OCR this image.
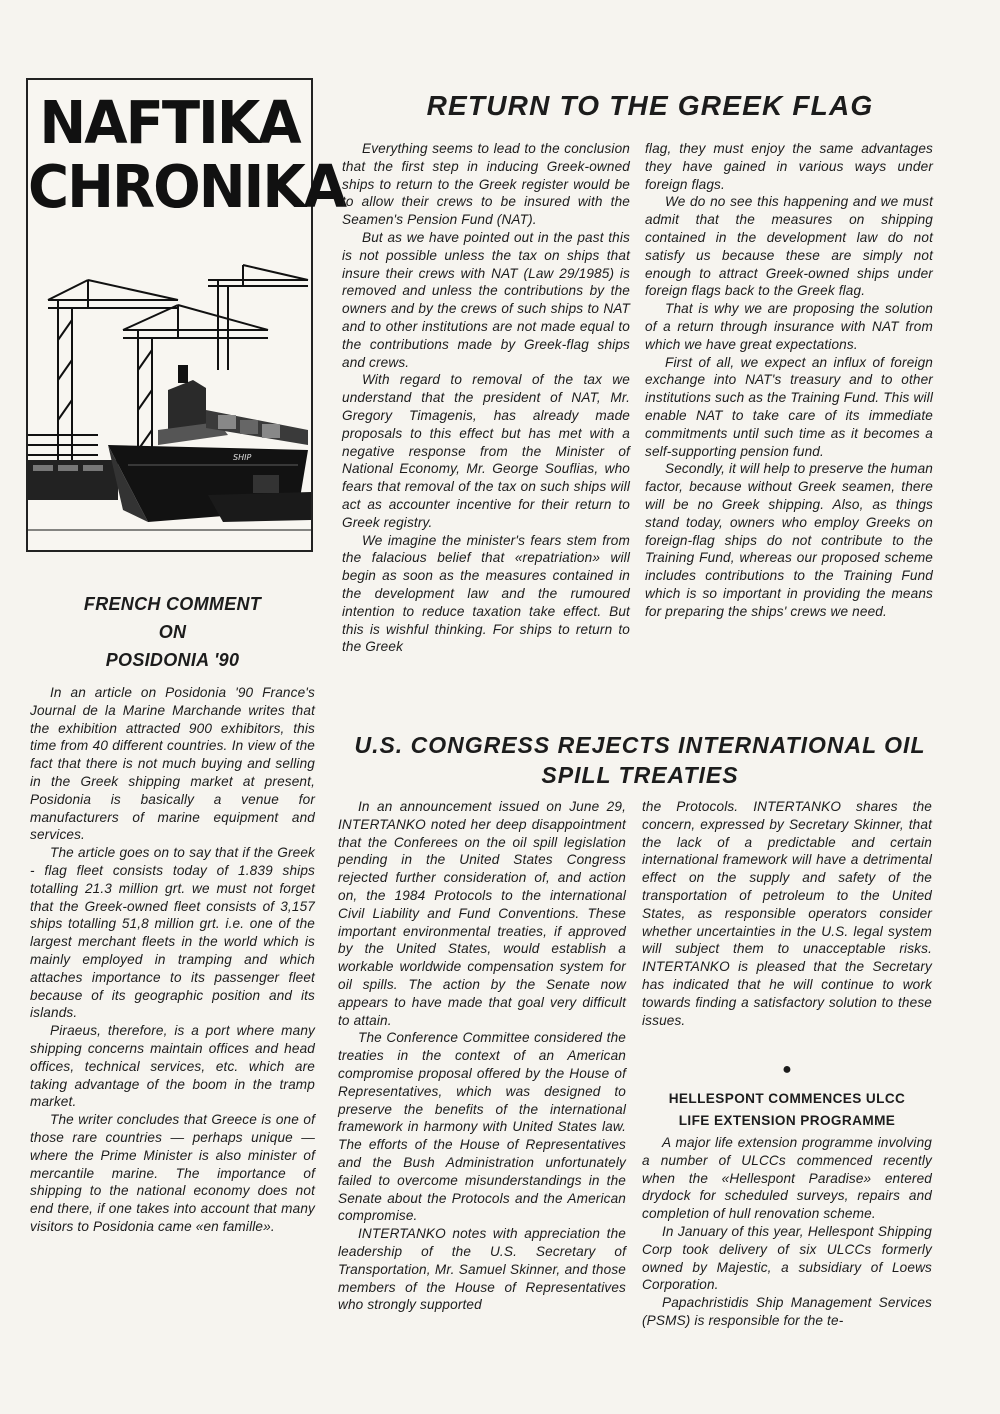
NAFTIKA
CHRONIKA
SHIP
RETURN TO THE GREEK FLAG

Everything seems to lead to the conclusion that the first step in inducing Greek-owned ships to return to the Greek register would be to allow their crews to be insured with the Seamen's Pension Fund (NAT).

But as we have pointed out in the past this is not possible unless the tax on ships that insure their crews with NAT (Law 29/1985) is removed and unless the contributions by the owners and by the crews of such ships to NAT and to other institutions are not made equal to the contributions made by Greek-flag ships and crews.

With regard to removal of the tax we understand that the president of NAT, Mr. Gregory Timagenis, has already made proposals to this effect but has met with a negative response from the Minister of National Economy, Mr. George Souflias, who fears that removal of the tax on such ships will act as accounter incentive for their return to Greek registry.

We imagine the minister's fears stem from the falacious belief that «repatriation» will begin as soon as the measures contained in the development law and the rumoured intention to reduce taxation take effect. But this is wishful thinking. For ships to return to the Greek

flag, they must enjoy the same advantages they have gained in various ways under foreign flags.

We do no see this happening and we must admit that the measures on shipping contained in the development law do not satisfy us because these are simply not enough to attract Greek-owned ships under foreign flags back to the Greek flag.

That is why we are proposing the solution of a return through insurance with NAT from which we have great expectations.

First of all, we expect an influx of foreign exchange into NAT's treasury and to other institutions such as the Training Fund. This will enable NAT to take care of its immediate commitments until such time as it becomes a self-supporting pension fund.

Secondly, it will help to preserve the human factor, because without Greek seamen, there will be no Greek shipping. Also, as things stand today, owners who employ Greeks on foreign-flag ships do not contribute to the Training Fund, whereas our proposed scheme includes contributions to the Training Fund which is so important in providing the means for preparing the ships' crews we need.

FRENCH COMMENT
ON
POSIDONIA '90

In an article on Posidonia '90 France's Journal de la Marine Marchande writes that the exhibition attracted 900 exhibitors, this time from 40 different countries. In view of the fact that there is not much buying and selling in the Greek shipping market at present, Posidonia is basically a venue for manufacturers of marine equipment and services.

The article goes on to say that if the Greek - flag fleet consists today of 1.839 ships totalling 21.3 million grt. we must not forget that the Greek-owned fleet consists of 3,157 ships totalling 51,8 million grt. i.e. one of the largest merchant fleets in the world which is mainly employed in tramping and which attaches importance to its passenger fleet because of its geographic position and its islands.

Piraeus, therefore, is a port where many shipping concerns maintain offices and head offices, technical services, etc. which are taking advantage of the boom in the tramp market.

The writer concludes that Greece is one of those rare countries — perhaps unique — where the Prime Minister is also minister of mercantile marine. The importance of shipping to the national economy does not end there, if one takes into account that many visitors to Posidonia came «en famille».

U.S. CONGRESS REJECTS INTERNATIONAL OIL
SPILL TREATIES

In an announcement issued on June 29, INTERTANKO noted her deep disappointment that the Conferees on the oil spill legislation pending in the United States Congress rejected further consideration of, and action on, the 1984 Protocols to the international Civil Liability and Fund Conventions. These important environmental treaties, if approved by the United States, would establish a workable worldwide compensation system for oil spills. The action by the Senate now appears to have made that goal very difficult to attain.

The Conference Committee considered the treaties in the context of an American compromise proposal offered by the House of Representatives, which was designed to preserve the benefits of the international framework in harmony with United States law. The efforts of the House of Representatives and the Bush Administration unfortunately failed to overcome misunderstandings in the Senate about the Protocols and the American compromise.

INTERTANKO notes with appreciation the leadership of the U.S. Secretary of Transportation, Mr. Samuel Skinner, and those members of the House of Representatives who strongly supported

the Protocols. INTERTANKO shares the concern, expressed by Secretary Skinner, that the lack of a predictable and certain international framework will have a detrimental effect on the supply and safety of the transportation of petroleum to the United States, as responsible operators consider whether uncertainties in the U.S. legal system will subject them to unacceptable risks. INTERTANKO is pleased that the Secretary has indicated that he will continue to work towards finding a satisfactory solution to these issues.

●
HELLESPONT COMMENCES ULCC
LIFE EXTENSION PROGRAMME

A major life extension programme involving a number of ULCCs commenced recently when the «Hellespont Paradise» entered drydock for scheduled surveys, repairs and completion of hull renovation scheme.

In January of this year, Hellespont Shipping Corp took delivery of six ULCCs formerly owned by Majestic, a subsidiary of Loews Corporation.

Papachristidis Ship Management Services (PSMS) is responsible for the te-
